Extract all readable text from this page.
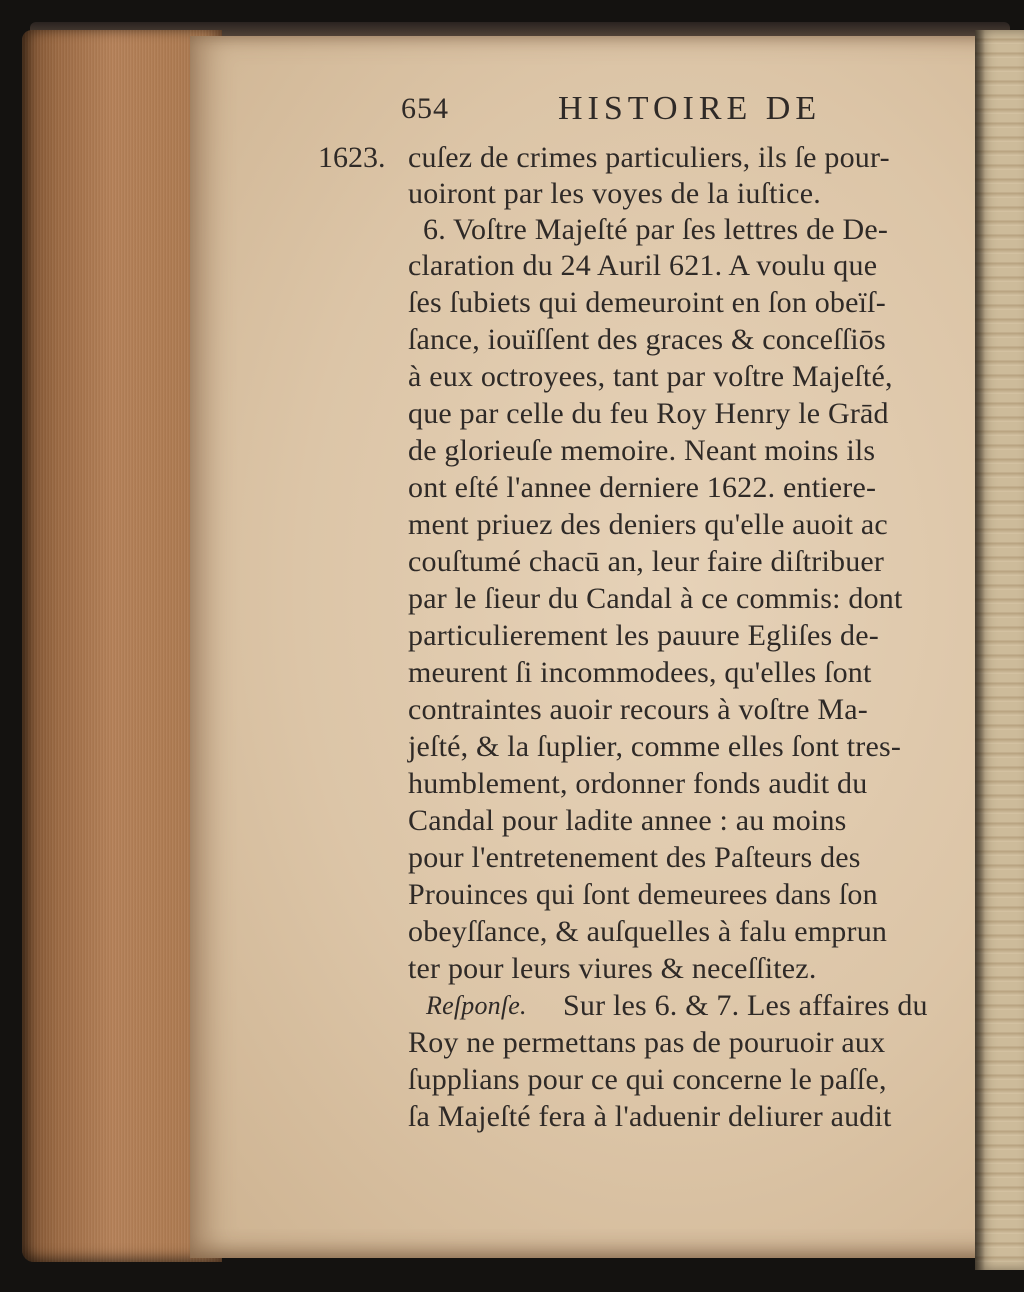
654	HISTOIRE DE
1623. cuſez de crimes particuliers, ils ſe pour-
uoiront par les voyes de la iuſtice.
6. Voſtre Majeſté par ſes lettres de De-
claration du 24 Auril 621. A voulu que
ſes ſubiets qui demeuroint en ſon obeïſ-
ſance, iouïſſent des graces & conceſſiōs
à eux octroyees, tant par voſtre Majeſté,
que par celle du feu Roy Henry le Grād
de glorieuſe memoire. Neant moins ils
ont eſté l'annee derniere 1622. entiere-
ment priuez des deniers qu'elle auoit ac
couſtumé chacū an, leur faire diſtribuer
par le ſieur du Candal à ce commis: dont
particulierement les pauure Egliſes de-
meurent ſi incommodees, qu'elles ſont
contraintes auoir recours à voſtre Ma-
jeſté, & la ſuplier, comme elles ſont tres-
humblement, ordonner fonds audit du
Candal pour ladite annee : au moins
pour l'entretenement des Paſteurs des
Prouinces qui ſont demeurees dans ſon
obeyſſance, & auſquelles à falu emprun
ter pour leurs viures & neceſſitez.
Reſponſe. Sur les 6. & 7. Les affaires du
Roy ne permettans pas de pouruoir aux
ſupplians pour ce qui concerne le paſſe,
ſa Majeſté fera à l'aduenir deliurer audit
